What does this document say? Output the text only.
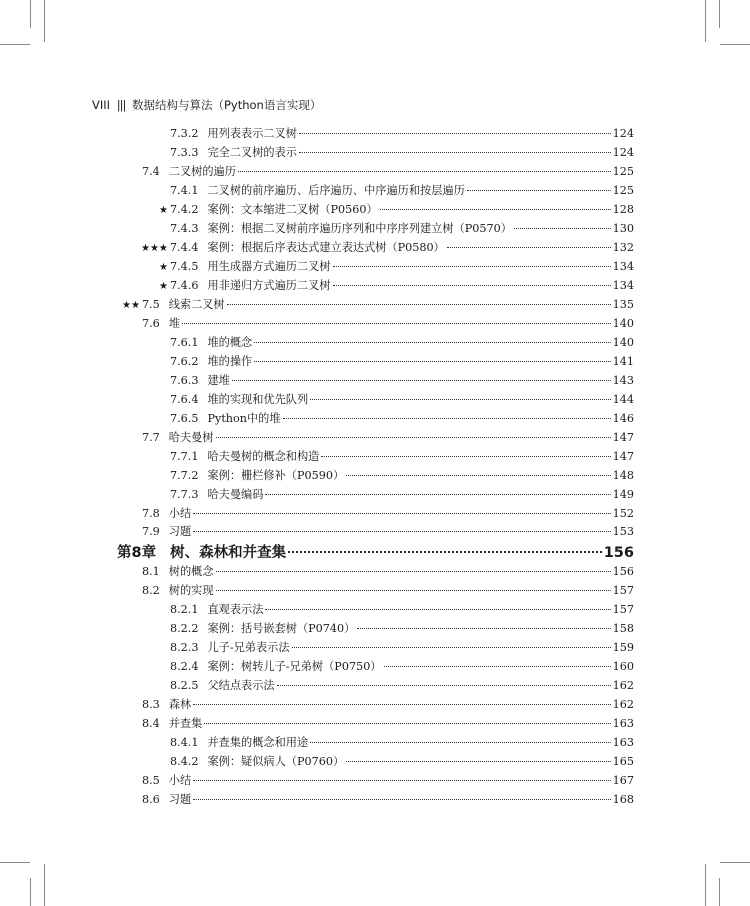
VIII ||| 数据结构与算法（Python语言实现）
7.3.2 用列表表示二叉树	124
7.3.3 完全二叉树的表示	124
7.4 二叉树的遍历	125
7.4.1 二叉树的前序遍历、后序遍历、中序遍历和按层遍历	125
★ 7.4.2 案例：文本缩进二叉树（P0560）	128
7.4.3 案例：根据二叉树前序遍历序列和中序序列建立树（P0570）	130
★★★ 7.4.4 案例：根据后序表达式建立表达式树（P0580）	132
★ 7.4.5 用生成器方式遍历二叉树	134
★ 7.4.6 用非递归方式遍历二叉树	134
★★ 7.5 线索二叉树	135
7.6 堆	140
7.6.1 堆的概念	140
7.6.2 堆的操作	141
7.6.3 建堆	143
7.6.4 堆的实现和优先队列	144
7.6.5 Python中的堆	146
7.7 哈夫曼树	147
7.7.1 哈夫曼树的概念和构造	147
7.7.2 案例：栅栏修补（P0590）	148
7.7.3 哈夫曼编码	149
7.8 小结	152
7.9 习题	153
第8章 树、森林和并查集	156
8.1 树的概念	156
8.2 树的实现	157
8.2.1 直观表示法	157
8.2.2 案例：括号嵌套树（P0740）	158
8.2.3 儿子-兄弟表示法	159
8.2.4 案例：树转儿子-兄弟树（P0750）	160
8.2.5 父结点表示法	162
8.3 森林	162
8.4 并查集	163
8.4.1 并查集的概念和用途	163
8.4.2 案例：疑似病人（P0760）	165
8.5 小结	167
8.6 习题	168
